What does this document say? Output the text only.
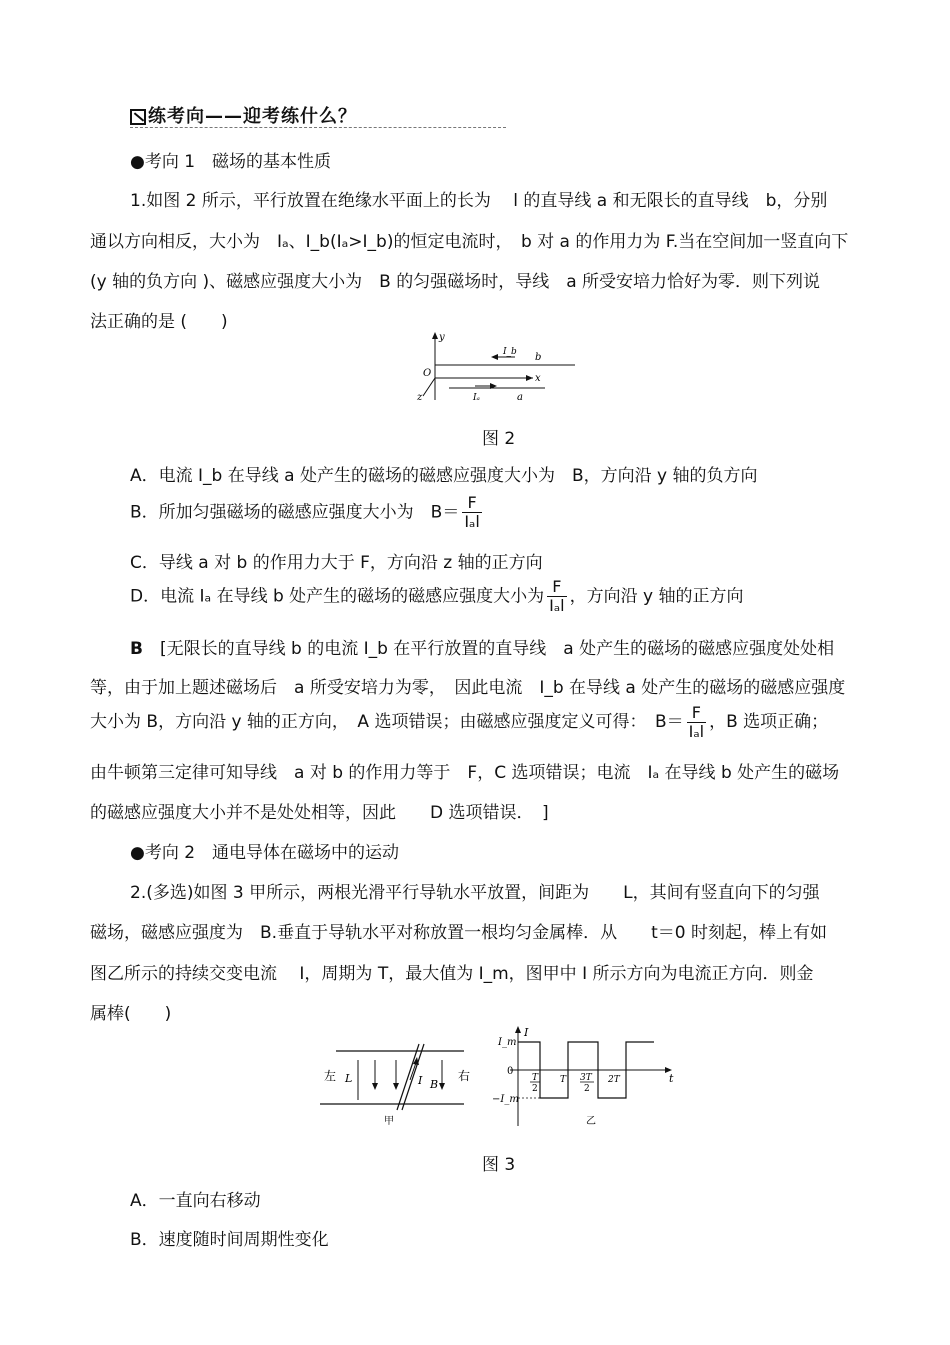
练考向——迎考练什么？
●考向 1　磁场的基本性质
1.如图 2 所示，平行放置在绝缘水平面上的长为　 l 的直导线 a 和无限长的直导线　b，分别
通以方向相反，大小为　Iₐ、I_b(Iₐ>I_b)的恒定电流时，　b 对 a 的作用力为 F.当在空间加一竖直向下
(y 轴的负方向 )、磁感应强度大小为　B 的匀强磁场时，导线　a 所受安培力恰好为零．则下列说
法正确的是 (　　)
y
x
z
O
I_b b
Iₐ	a
图 2
A．电流 I_b 在导线 a 处产生的磁场的磁感应强度大小为　B，方向沿 y 轴的负方向
B．所加匀强磁场的磁感应强度大小为　$B= \frac{F}{\text{Iₐl}}$
C．导线 a 对 b 的作用力大于 F，方向沿 z 轴的正方向
D．电流 Iₐ 在导线 b 处产生的磁场的磁感应强度大小为 $\frac{F}{\text{Iₐl}}$ ，方向沿 y 轴的正方向
B　 [无限长的直导线 b 的电流 I_b 在平行放置的直导线　a 处产生的磁场的磁感应强度处处相
等，由于加上题述磁场后　a 所受安培力为零，　因此电流　I_b 在导线 a 处产生的磁场的磁感应强度
大小为 B，方向沿 y 轴的正方向，　A 选项错误；由磁感应强度定义可得：　$B= \frac{F}{\text{Iₐl}}$ ，B 选项正确；
由牛顿第三定律可知导线　a 对 b 的作用力等于　F，C 选项错误；电流　Iₐ 在导线 b 处产生的磁场
的磁感应强度大小并不是处处相等，因此　　D 选项错误．　]
●考向 2　通电导体在磁场中的运动
2.(多选)如图 3 甲所示，两根光滑平行导轨水平放置，间距为　　L，其间有竖直向下的匀强
磁场，磁感应强度为　B.垂直于导轨水平对称放置一根均匀金属棒．从　　t＝0 时刻起，棒上有如
图乙所示的持续交变电流　 I，周期为 T，最大值为 I_m，图甲中 I 所示方向为电流正方向．则金
属棒(　　)
左	右
L	I B
甲
I
t
I_m
0
−I_m
T
2
T 3T
2
2T
乙
图 3
A．一直向右移动
B．速度随时间周期性变化
